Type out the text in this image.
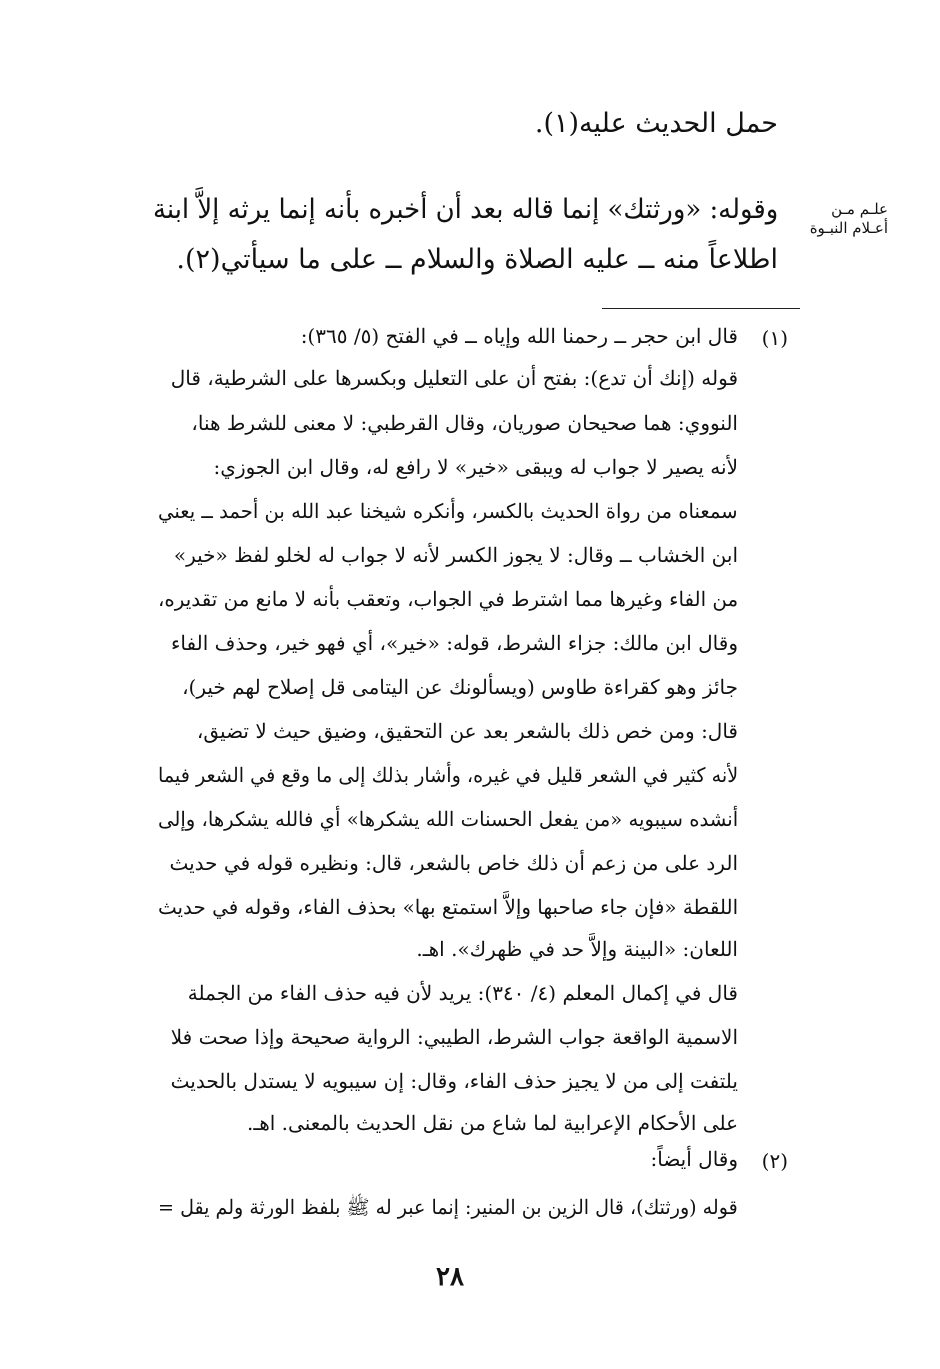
حمل الحديث عليه(١).
وقوله: «ورثتك» إنما قاله بعد أن أخبره بأنه إنما يرثه إلاَّ ابنة
اطلاعاً منه ــ عليه الصلاة والسلام ــ على ما سيأتي(٢).
علـم مـن
أعـلام النبـوة
(١)
قال ابن حجر ــ رحمنا الله وإياه ــ في الفتح (٥/ ٣٦٥):
قوله (إنك أن تدع): بفتح أن على التعليل وبكسرها على الشرطية، قال
النووي: هما صحيحان صوريان، وقال القرطبي: لا معنى للشرط هنا،
لأنه يصير لا جواب له ويبقى «خير» لا رافع له، وقال ابن الجوزي:
سمعناه من رواة الحديث بالكسر، وأنكره شيخنا عبد الله بن أحمد ــ يعني
ابن الخشاب ــ وقال: لا يجوز الكسر لأنه لا جواب له لخلو لفظ «خير»
من الفاء وغيرها مما اشترط في الجواب، وتعقب بأنه لا مانع من تقديره،
وقال ابن مالك: جزاء الشرط، قوله: «خير»، أي فهو خير، وحذف الفاء
جائز وهو كقراءة طاوس (ويسألونك عن اليتامى قل إصلاح لهم خير)،
قال: ومن خص ذلك بالشعر بعد عن التحقيق، وضيق حيث لا تضيق،
لأنه كثير في الشعر قليل في غيره، وأشار بذلك إلى ما وقع في الشعر فيما
أنشده سيبويه «من يفعل الحسنات الله يشكرها» أي فالله يشكرها، وإلى
الرد على من زعم أن ذلك خاص بالشعر، قال: ونظيره قوله في حديث
اللقطة «فإن جاء صاحبها وإلاَّ استمتع بها» بحذف الفاء، وقوله في حديث
اللعان: «البينة وإلاَّ حد في ظهرك». اهـ.
قال في إكمال المعلم (٤/ ٣٤٠): يريد لأن فيه حذف الفاء من الجملة
الاسمية الواقعة جواب الشرط، الطيبي: الرواية صحيحة وإذا صحت فلا
يلتفت إلى من لا يجيز حذف الفاء، وقال: إن سيبويه لا يستدل بالحديث
على الأحكام الإعرابية لما شاع من نقل الحديث بالمعنى. اهـ.
(٢)
وقال أيضاً:
قوله (ورثتك)، قال الزين بن المنير: إنما عبر له ﷺ بلفظ الورثة ولم يقل =
٢٨
